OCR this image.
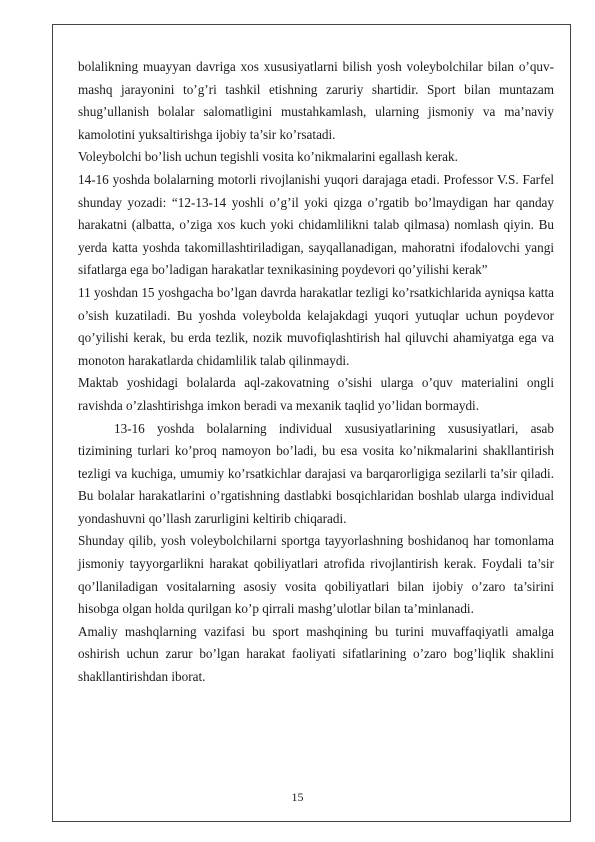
bolalikning muayyan davriga xos xususiyatlarni bilish yosh voleybolchilar bilan o’quv-mashq jarayonini to’g’ri tashkil etishning zaruriy shartidir. Sport bilan muntazam shug’ullanish bolalar salomatligini mustahkamlash, ularning jismoniy va ma’naviy kamolotini yuksaltirishga ijobiy ta’sir ko’rsatadi.

Voleybolchi bo’lish uchun tegishli vosita ko’nikmalarini egallash kerak.

14-16 yoshda bolalarning motorli rivojlanishi yuqori darajaga etadi. Professor V.S. Farfel shunday yozadi: “12-13-14 yoshli o’g’il yoki qizga o’rgatib bo’lmaydigan har qanday harakatni (albatta, o’ziga xos kuch yoki chidamlilikni talab qilmasa) nomlash qiyin. Bu yerda katta yoshda takomillashtiriladigan, sayqallanadigan, mahoratni ifodalovchi yangi sifatlarga ega bo’ladigan harakatlar texnikasining poydevori qo’yilishi kerak”

11 yoshdan 15 yoshgacha bo’lgan davrda harakatlar tezligi ko’rsatkichlarida ayniqsa katta o’sish kuzatiladi. Bu yoshda voleybolda kelajakdagi yuqori yutuqlar uchun poydevor qo’yilishi kerak, bu erda tezlik, nozik muvofiqlashtirish hal qiluvchi ahamiyatga ega va monoton harakatlarda chidamlilik talab qilinmaydi.

Maktab yoshidagi bolalarda aql-zakovatning o’sishi ularga o’quv materialini ongli ravishda o’zlashtirishga imkon beradi va mexanik taqlid yo’lidan bormaydi.

13-16 yoshda bolalarning individual xususiyatlarining xususiyatlari, asab tizimining turlari ko’proq namoyon bo’ladi, bu esa vosita ko’nikmalarini shakllantirish tezligi va kuchiga, umumiy ko’rsatkichlar darajasi va barqarorligiga sezilarli ta’sir qiladi. Bu bolalar harakatlarini o’rgatishning dastlabki bosqichlaridan boshlab ularga individual yondashuvni qo’llash zarurligini keltirib chiqaradi.

Shunday qilib, yosh voleybolchilarni sportga tayyorlashning boshidanoq har tomonlama jismoniy tayyorgarlikni harakat qobiliyatlari atrofida rivojlantirish kerak. Foydali ta’sir qo’llaniladigan vositalarning asosiy vosita qobiliyatlari bilan ijobiy o’zaro ta’sirini hisobga olgan holda qurilgan ko’p qirrali mashg’ulotlar bilan ta’minlanadi.

Amaliy mashqlarning vazifasi bu sport mashqining bu turini muvaffaqiyatli amalga oshirish uchun zarur bo’lgan harakat faoliyati sifatlarining o’zaro bog’liqlik shaklini shakllantirishdan iborat.

15
